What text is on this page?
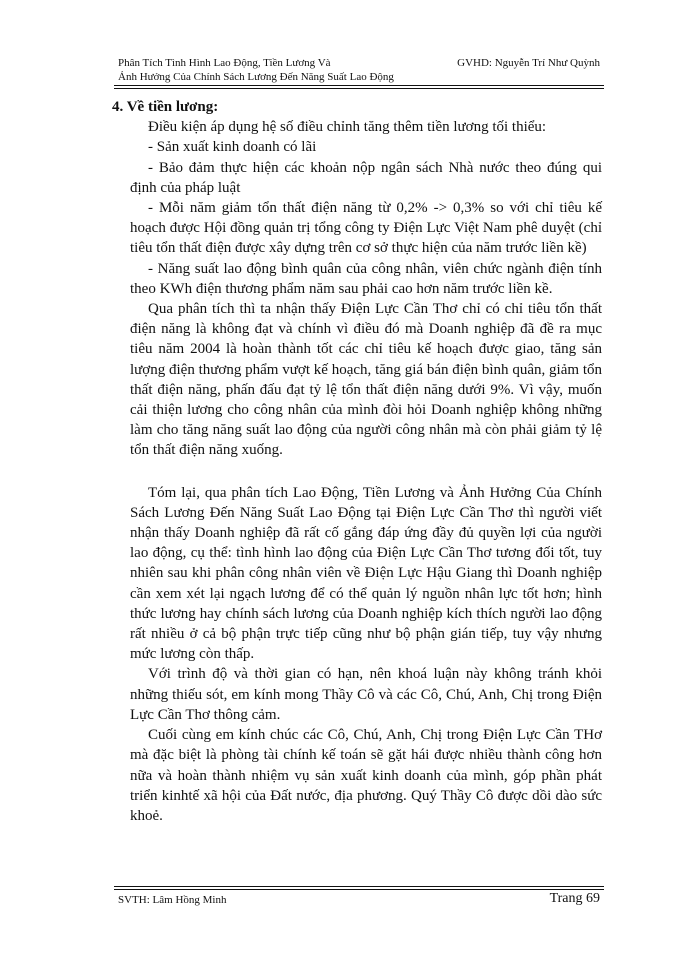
Phân Tích Tình Hình Lao Động, Tiền Lương Và
Ảnh Hưởng Của Chính Sách Lương Đến Năng Suất Lao Động
GVHD: Nguyễn Trí Như Quỳnh

4. Về tiền lương:

Điều kiện áp dụng hệ số điều chỉnh tăng thêm tiền lương tối thiểu:

- Sản xuất kinh doanh có lãi

- Bảo đảm thực hiện các khoản nộp ngân sách Nhà nước theo đúng qui định của pháp luật

- Mỗi năm giảm tổn thất điện năng từ 0,2% -> 0,3% so với chỉ tiêu kế hoạch được Hội đồng quản trị tổng công ty Điện Lực Việt Nam phê duyệt (chỉ tiêu tổn thất điện được xây dựng trên cơ sở thực hiện của năm trước liền kề)

- Năng suất lao động bình quân của công nhân, viên chức ngành điện tính theo KWh điện thương phẩm năm sau phải cao hơn năm trước liền kề.

Qua phân tích thì ta nhận thấy Điện Lực Cần Thơ chỉ có chỉ tiêu tổn thất điện năng là không đạt và chính vì điều đó mà Doanh nghiệp đã đề ra mục tiêu năm 2004 là hoàn thành tốt các chỉ tiêu kế hoạch được giao, tăng sản lượng điện thương phẩm vượt kế hoạch, tăng giá bán điện bình quân, giảm tổn thất điện năng, phấn đấu đạt tỷ lệ tổn thất điện năng dưới 9%. Vì vậy, muốn cải thiện lương cho công nhân của mình đòi hỏi Doanh nghiệp không những làm cho tăng năng suất lao động của người công nhân mà còn phải giảm tỷ lệ tổn thất điện năng xuống.

Tóm lại, qua phân tích Lao Động, Tiền Lương và Ảnh Hưởng Của Chính Sách Lương Đến Năng Suất Lao Động tại Điện Lực Cần Thơ thì người viết nhận thấy Doanh nghiệp đã rất cố gắng đáp ứng đầy đủ quyền lợi của người lao động, cụ thể: tình hình lao động của Điện Lực Cần Thơ tương đối tốt, tuy nhiên sau khi phân công nhân viên về Điện Lực Hậu Giang thì Doanh nghiệp cần xem xét lại ngạch lương để có thể quản lý nguồn nhân lực tốt hơn; hình thức lương hay chính sách lương của Doanh nghiệp kích thích người lao động rất nhiều ở cả bộ phận trực tiếp cũng như bộ phận gián tiếp, tuy vậy nhưng mức lương còn thấp.

Với trình độ và thời gian có hạn, nên khoá luận này không tránh khỏi những thiếu sót, em kính mong Thầy Cô và các Cô, Chú, Anh, Chị trong Điện Lực Cần Thơ thông cảm.

Cuối cùng em kính chúc các Cô, Chú, Anh, Chị trong Điện Lực Cần THơ mà đặc biệt là phòng tài chính kế toán sẽ gặt hái được nhiều thành công hơn nữa và hoàn thành nhiệm vụ sản xuất kinh doanh của mình, góp phần phát triển kinhtế xã hội của Đất nước, địa phương. Quý Thầy Cô được dồi dào sức khoẻ.

SVTH: Lâm Hồng Minh	Trang 69
